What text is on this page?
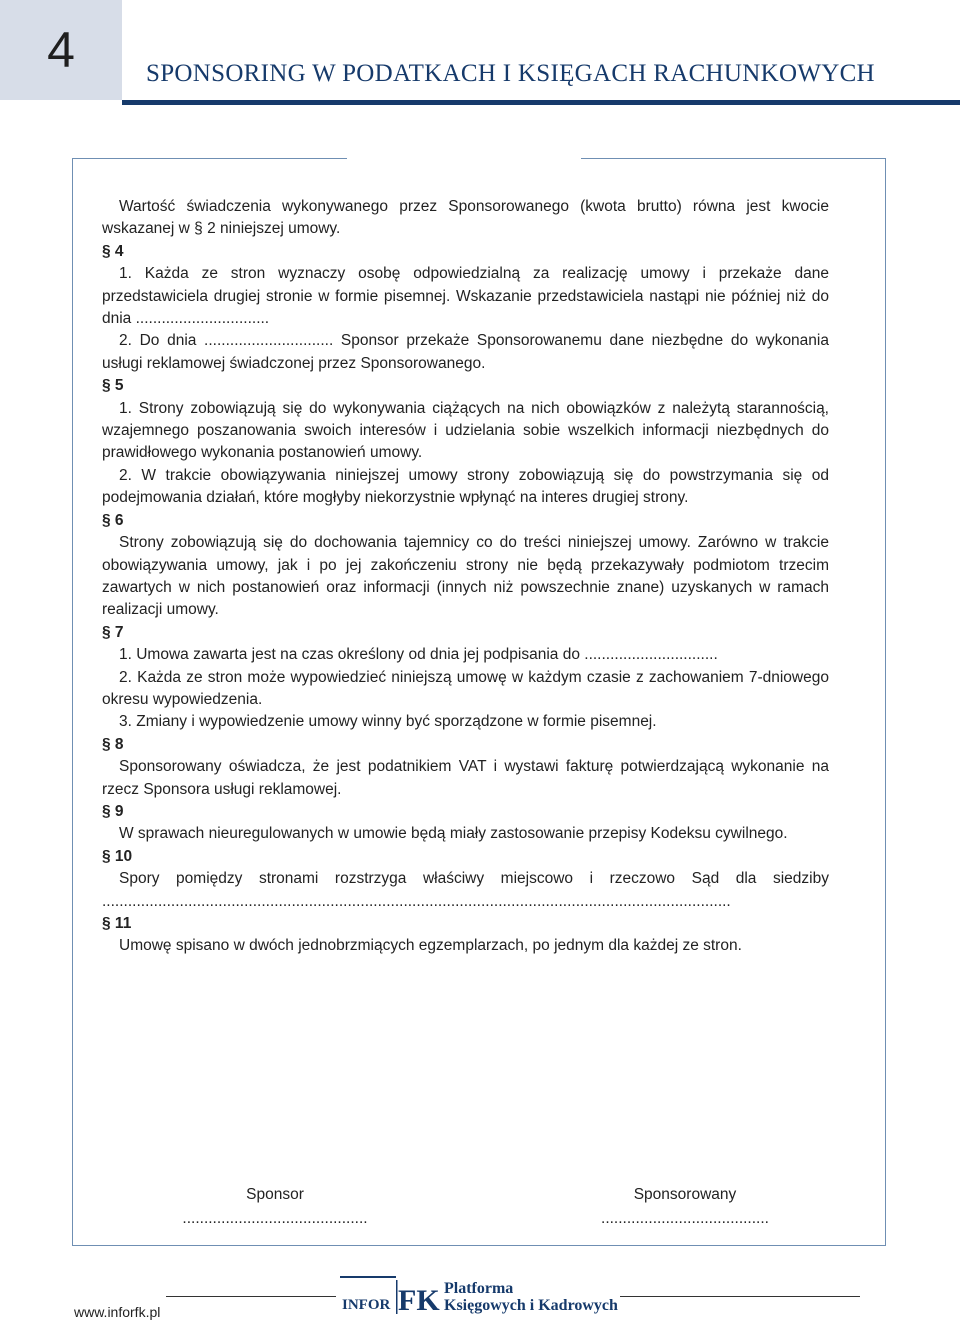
4	SPONSORING W PODATKACH I KSIĘGACH RACHUNKOWYCH

Wartość świadczenia wykonywanego przez Sponsorowanego (kwota brutto) równa jest kwocie wskazanej w § 2 niniejszej umowy.

§ 4

1. Każda ze stron wyznaczy osobę odpowiedzialną za realizację umowy i przekaże dane przedstawiciela drugiej stronie w formie pisemnej. Wskazanie przedstawiciela nastąpi nie później niż do dnia ...............................

2. Do dnia .............................. Sponsor przekaże Sponsorowanemu dane niezbędne do wykonania usługi reklamowej świadczonej przez Sponsorowanego.

§ 5

1. Strony zobowiązują się do wykonywania ciążących na nich obowiązków z należytą starannością, wzajemnego poszanowania swoich interesów i udzielania sobie wszelkich informacji niezbędnych do prawidłowego wykonania postanowień umowy.

2. W trakcie obowiązywania niniejszej umowy strony zobowiązują się do powstrzymania się od podejmowania działań, które mogłyby niekorzystnie wpłynąć na interes drugiej strony.

§ 6

Strony zobowiązują się do dochowania tajemnicy co do treści niniejszej umowy. Zarówno w trakcie obowiązywania umowy, jak i po jej zakończeniu strony nie będą przekazywały podmiotom trzecim zawartych w nich postanowień oraz informacji (innych niż powszechnie znane) uzyskanych w ramach realizacji umowy.

§ 7

1. Umowa zawarta jest na czas określony od dnia jej podpisania do ...............................

2. Każda ze stron może wypowiedzieć niniejszą umowę w każdym czasie z zachowaniem 7-dniowego okresu wypowiedzenia.

3. Zmiany i wypowiedzenie umowy winny być sporządzone w formie pisemnej.

§ 8

Sponsorowany oświadcza, że jest podatnikiem VAT i wystawi fakturę potwierdzającą wykonanie na rzecz Sponsora usługi reklamowej.

§ 9

W sprawach nieuregulowanych w umowie będą miały zastosowanie przepisy Kodeksu cywilnego.

§ 10

Spory pomiędzy stronami rozstrzyga właściwy miejscowo i rzeczowo Sąd dla siedziby ..................................................................................................................................................

§ 11

Umowę spisano w dwóch jednobrzmiących egzemplarzach, po jednym dla każdej ze stron.

Sponsor
...........................................
Sponsorowany
.......................................
www.inforfk.pl	INFOR FK Platforma
Księgowych i Kadrowych
